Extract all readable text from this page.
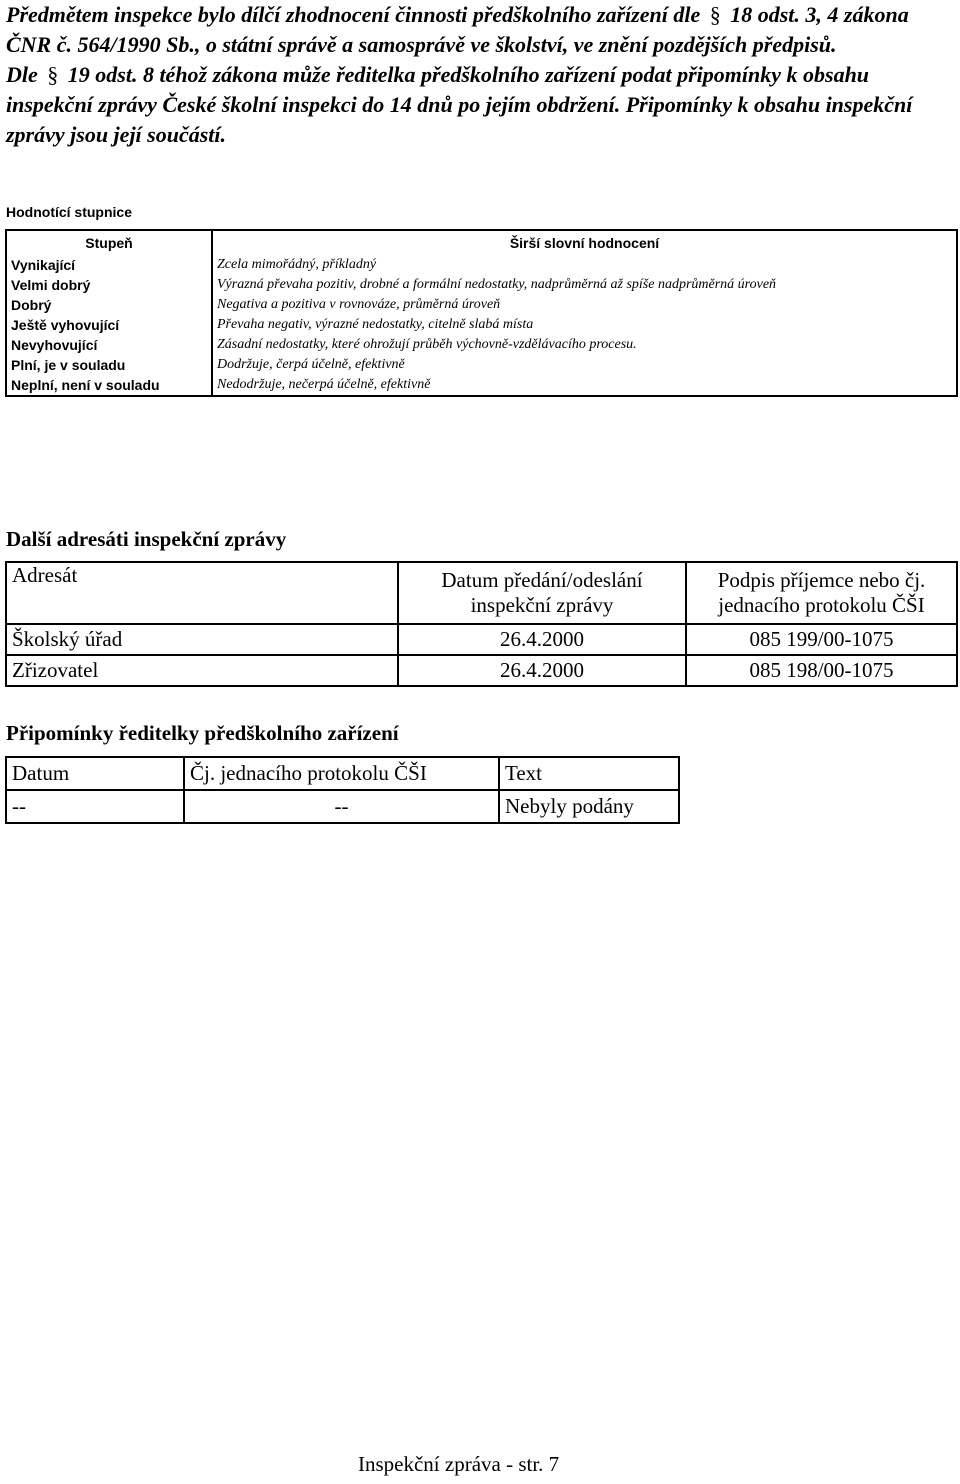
Předmětem inspekce bylo dílčí zhodnocení činnosti předškolního zařízení dle § 18 odst. 3, 4 zákona ČNR č. 564/1990 Sb., o státní správě a samosprávě ve školství, ve znění pozdějších předpisů.

Dle § 19 odst. 8 téhož zákona může ředitelka předškolního zařízení podat připomínky k obsahu inspekční zprávy České školní inspekci do 14 dnů po jejím obdržení. Připomínky k obsahu inspekční zprávy jsou její součástí.

Hodnotící stupnice
Stupeň	Širší slovní hodnocení
Vynikající	Zcela mimořádný, příkladný
Velmi dobrý	Výrazná převaha pozitiv, drobné a formální nedostatky, nadprůměrná až spíše nadprůměrná úroveň
Dobrý	Negativa a pozitiva v rovnováze, průměrná úroveň
Ještě vyhovující	Převaha negativ, výrazné nedostatky, citelně slabá místa
Nevyhovující	Zásadní nedostatky, které ohrožují průběh výchovně-vzdělávacího procesu.
Plní, je v souladu	Dodržuje, čerpá účelně, efektivně
Neplní, není v souladu	Nedodržuje, nečerpá účelně, efektivně
Další adresáti inspekční zprávy
Adresát	Datum předání/odeslání inspekční zprávy	Podpis příjemce nebo čj. jednacího protokolu ČŠI
Školský úřad	26.4.2000	085 199/00-1075
Zřizovatel	26.4.2000	085 198/00-1075
Připomínky ředitelky předškolního zařízení
Datum	Čj. jednacího protokolu ČŠI	Text
--	--	Nebyly podány
Inspekční zpráva - str. 7
